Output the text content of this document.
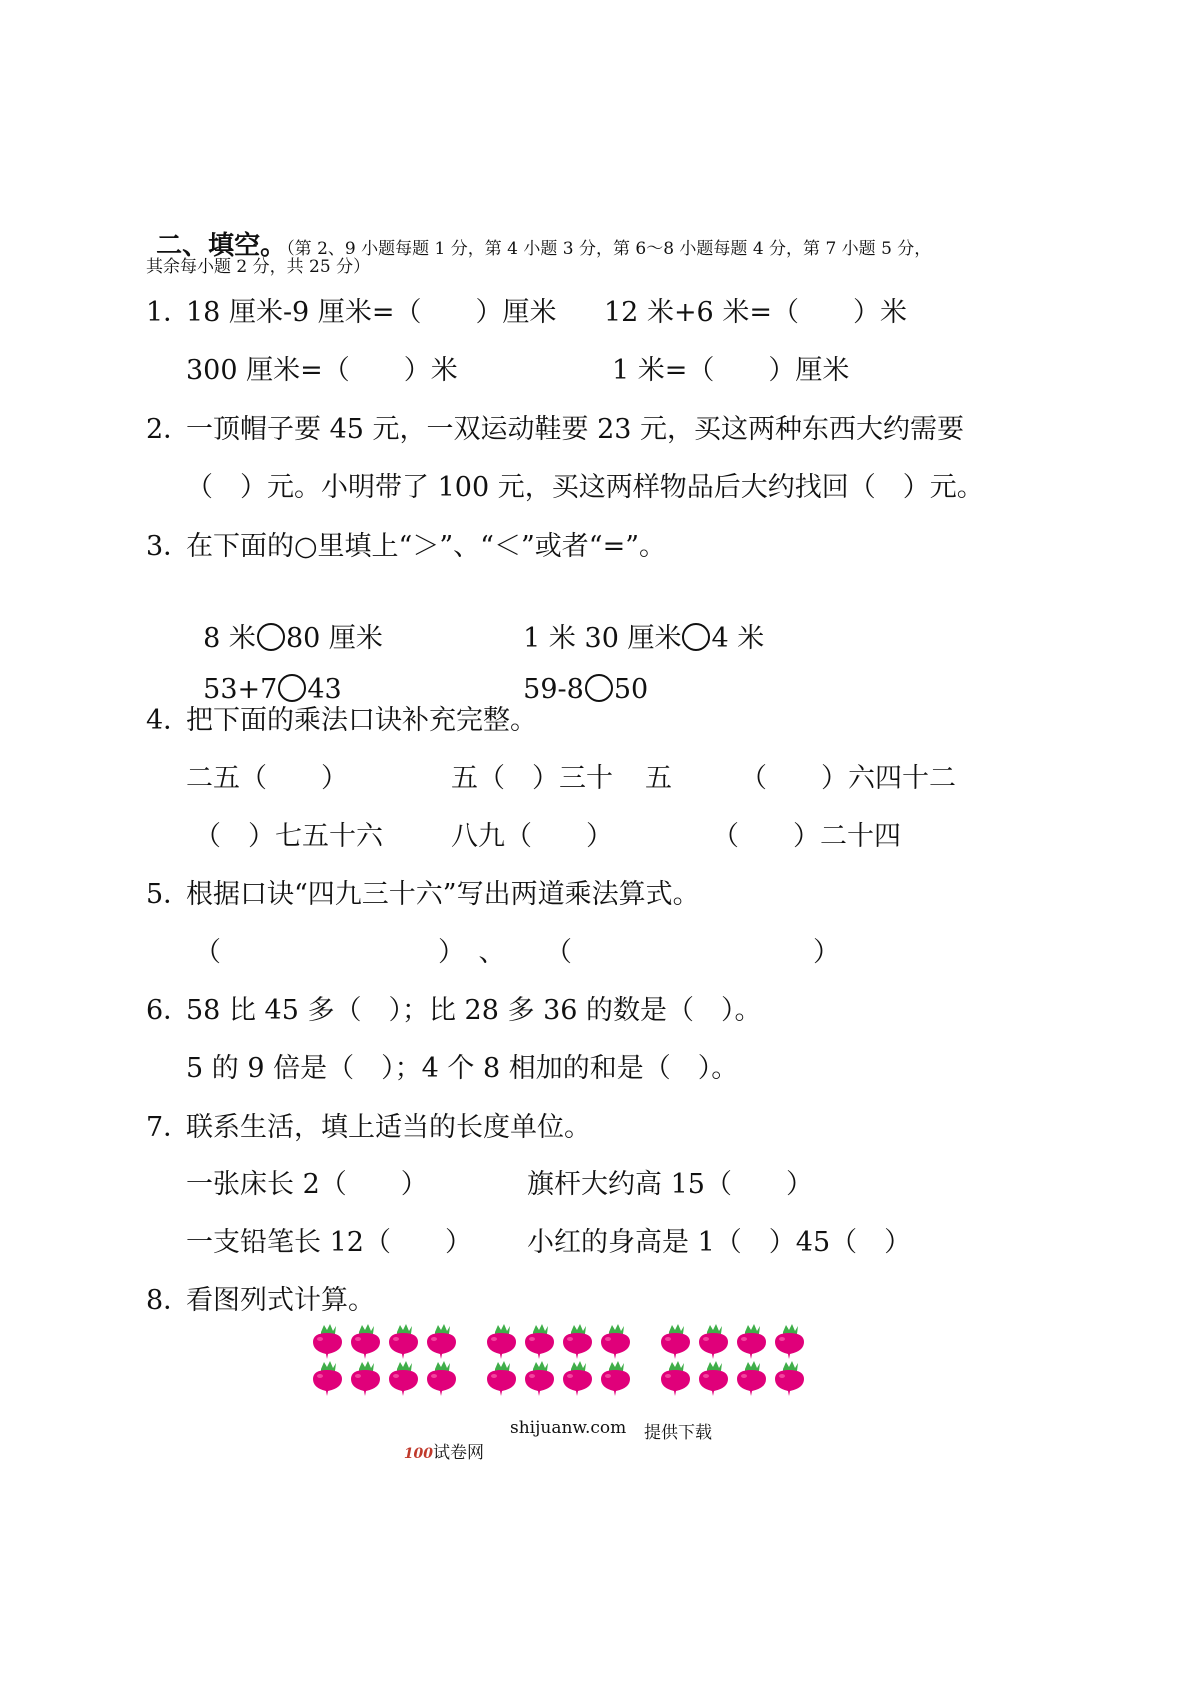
二、填空。（第 2、9 小题每题 1 分，第 4 小题 3 分，第 6～8 小题每题 4 分，第 7 小题 5 分，

其余每小题 2 分，共 25 分）
1．
18 厘米-9 厘米=（　　）厘米 12 米+6 米=（　　）米
300 厘米=（　　）米	1 米=（　　）厘米
2．
一顶帽子要 45 元，一双运动鞋要 23 元，买这两种东西大约需要
（　）元。小明带了 100 元，买这两样物品后大约找回（　）元。
3．
在下面的○里填上“＞”、“＜”或者“=”。

8 米 80 厘米	1 米 30 厘米 4 米

53+7 43	59-8 50

4．
把下面的乘法口诀补充完整。
二五（　　）	五（　）三十 五	（　　）六四十二
（　）七五十六	八九（　　）	（　　）二十四
5．
根据口诀“四九三十六”写出两道乘法算式。
（	）　、 （	）
6．
58 比 45 多（　）；比 28 多 36 的数是（　）。
5 的 9 倍是（　）；4 个 8 相加的和是（　）。
7．
联系生活，填上适当的长度单位。
一张床长 2（　　）	旗杆大约高 15（　　）
一支铅笔长 12（　　） 小红的身高是 1（　）45（　）
8．
看图列式计算。

100试卷网

shijuanw.com 提供下载
